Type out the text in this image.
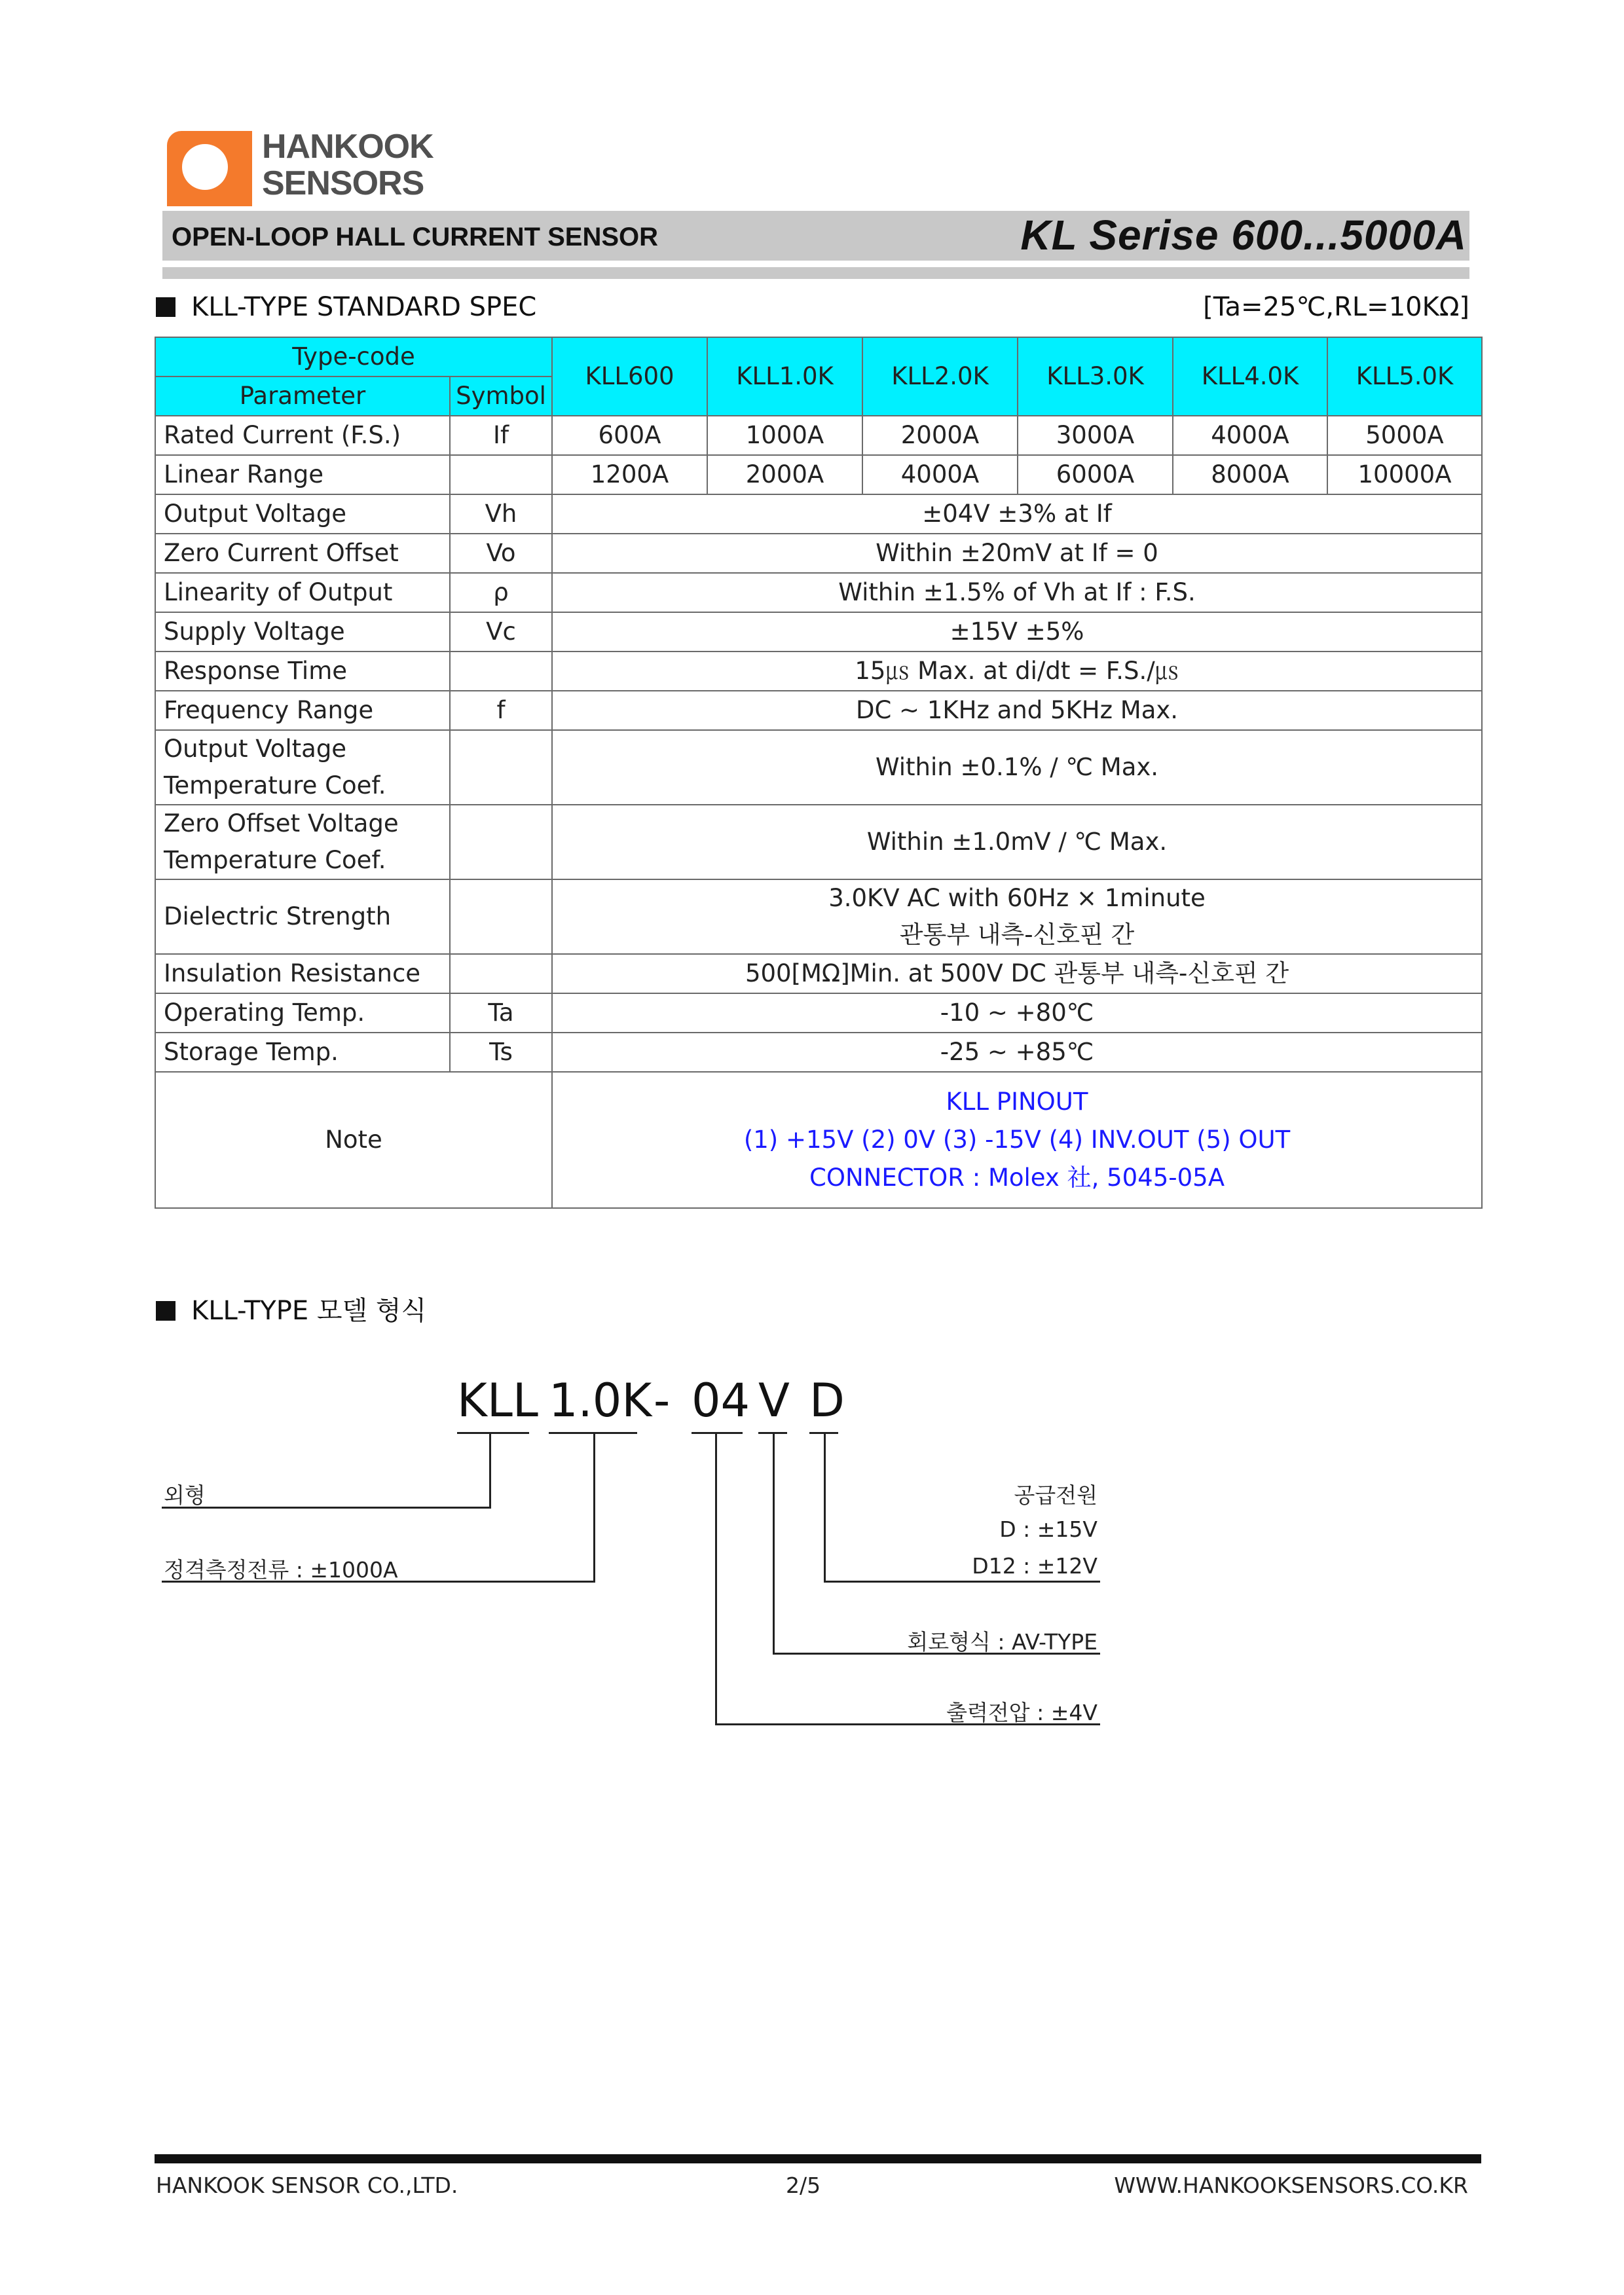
HANKOOK
SENSORS
OPEN-LOOP HALL CURRENT SENSOR	KL Serise 600...5000A
KLL-TYPE STANDARD SPEC	[Ta=25℃,RL=10KΩ]
Type-code		KLL600	KLL1.0K	KLL2.0K	KLL3.0K	KLL4.0K	KLL5.0K
Parameter	Symbol						
Rated Current (F.S.)	If	600A	1000A	2000A	3000A	4000A	5000A
Linear Range		1200A	2000A	4000A	6000A	8000A	10000A
Output Voltage	Vh	±04V ±3% at If					
Zero Current Offset	Vo	Within ±20mV at If = 0					
Linearity of Output	ρ	Within ±1.5% of Vh at If : F.S.					
Supply Voltage	Vc	±15V ±5%					
Response Time		15㎲ Max. at di/dt = F.S./㎲					
Frequency Range	f	DC ~ 1KHz and 5KHz Max.					

Output Voltage
Temperature Coef.		Within ±0.1% / ℃ Max.					

Zero Offset Voltage
Temperature Coef.		Within ±1.0mV / ℃ Max.					
Dielectric Strength		3.0KV AC with 60Hz × 1minute
관통부 내측-신호핀 간					

Insulation Resistance		500[MΩ]Min. at 500V DC 관통부 내측-신호핀 간					
Operating Temp.	Ta	-10 ~ +80℃					
Storage Temp.	Ts	-25 ~ +85℃					
Note		KLL PINOUT
(1) +15V (2) 0V (3) -15V (4) INV.OUT (5) OUT
CONNECTOR : Molex 社, 5045-05A					
KLL-TYPE 모델 형식
KLL 1.0K - 04 V D
외형
정격측정전류 : ±1000A
공급전원
D : ±15V
D12 : ±12V
회로형식 : AV-TYPE
출력전압 : ±4V
HANKOOK SENSOR CO.,LTD.	2/5	WWW.HANKOOKSENSORS.CO.KR
